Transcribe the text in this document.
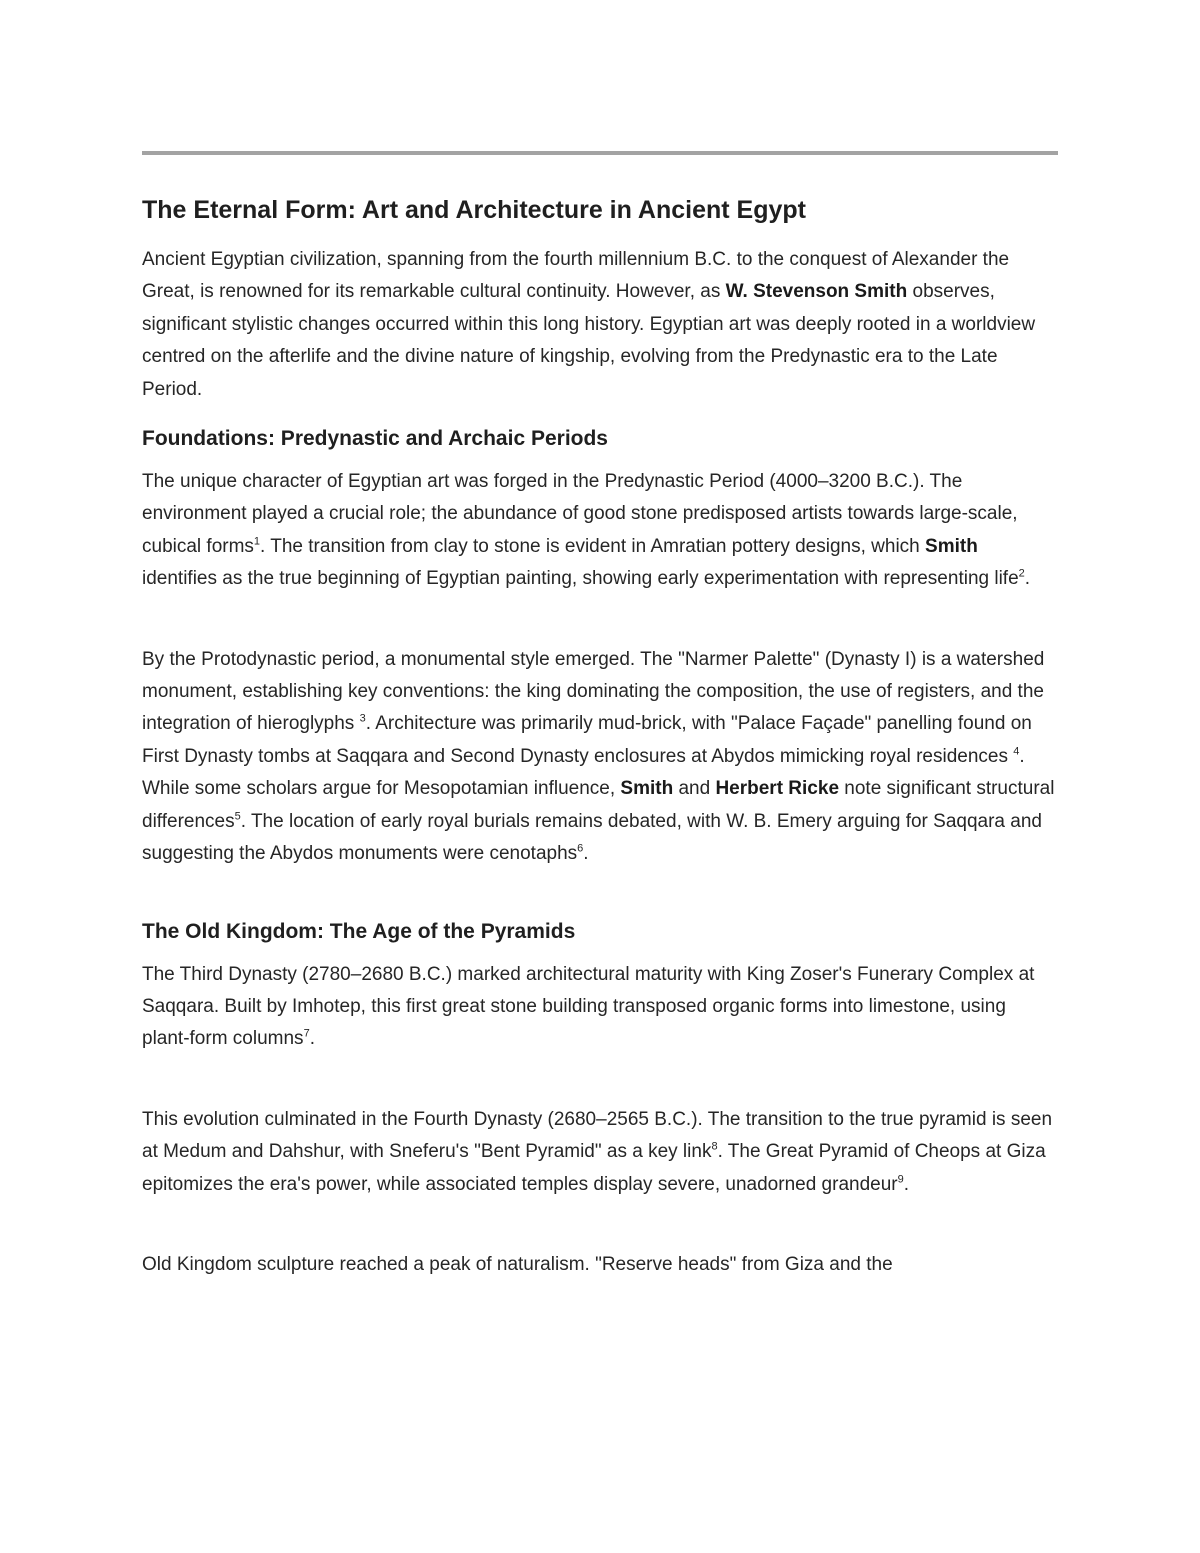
The Eternal Form: Art and Architecture in Ancient Egypt

Ancient Egyptian civilization, spanning from the fourth millennium B.C. to the conquest of Alexander the Great, is renowned for its remarkable cultural continuity. However, as W. Stevenson Smith observes, significant stylistic changes occurred within this long history. Egyptian art was deeply rooted in a worldview centred on the afterlife and the divine nature of kingship, evolving from the Predynastic era to the Late Period.

Foundations: Predynastic and Archaic Periods

The unique character of Egyptian art was forged in the Predynastic Period (4000–3200 B.C.). The environment played a crucial role; the abundance of good stone predisposed artists towards large-scale, cubical forms$^1$. The transition from clay to stone is evident in Amratian pottery designs, which Smith identifies as the true beginning of Egyptian painting, showing early experimentation with representing life$^2$.

By the Protodynastic period, a monumental style emerged. The "Narmer Palette" (Dynasty I) is a watershed monument, establishing key conventions: the king dominating the composition, the use of registers, and the integration of hieroglyphs $^3$. Architecture was primarily mud-brick, with "Palace Façade" panelling found on First Dynasty tombs at Saqqara and Second Dynasty enclosures at Abydos mimicking royal residences $^4$. While some scholars argue for Mesopotamian influence, Smith and Herbert Ricke note significant structural differences$^5$. The location of early royal burials remains debated, with W. B. Emery arguing for Saqqara and suggesting the Abydos monuments were cenotaphs$^6$.

The Old Kingdom: The Age of the Pyramids

The Third Dynasty (2780–2680 B.C.) marked architectural maturity with King Zoser's Funerary Complex at Saqqara. Built by Imhotep, this first great stone building transposed organic forms into limestone, using plant-form columns$^7$.

This evolution culminated in the Fourth Dynasty (2680–2565 B.C.). The transition to the true pyramid is seen at Medum and Dahshur, with Sneferu's "Bent Pyramid" as a key link$^8$. The Great Pyramid of Cheops at Giza epitomizes the era's power, while associated temples display severe, unadorned grandeur$^9$.

Old Kingdom sculpture reached a peak of naturalism. "Reserve heads" from Giza and the
